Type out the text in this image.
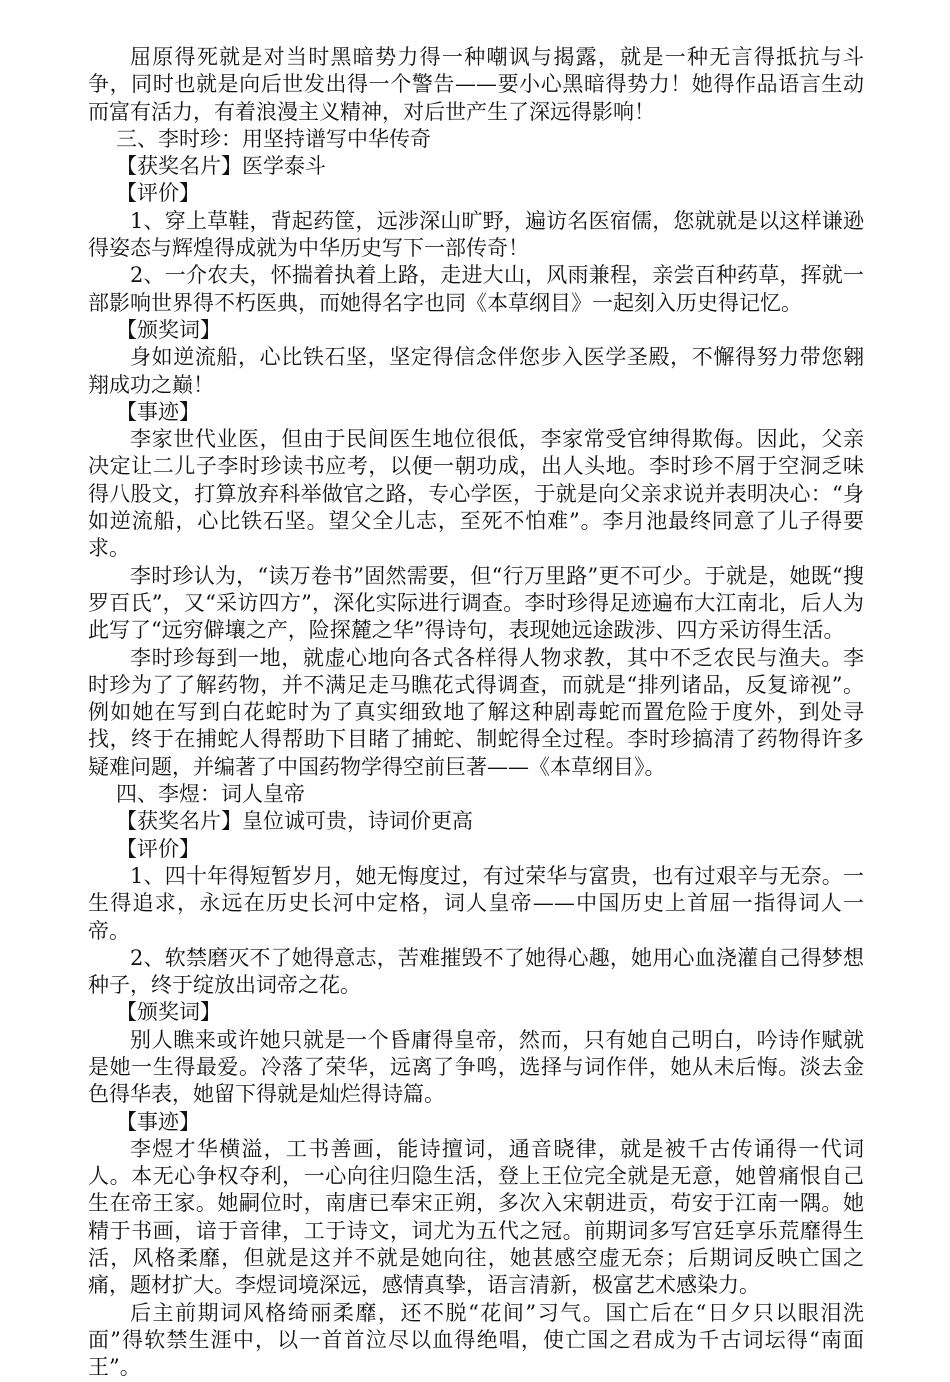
屈原得死就是对当时黑暗势力得一种嘲讽与揭露，就是一种无言得抵抗与斗争，同时也就是向后世发出得一个警告——要小心黑暗得势力！她得作品语言生动而富有活力，有着浪漫主义精神，对后世产生了深远得影响！

三、李时珍：用坚持谱写中华传奇

【获奖名片】医学泰斗

【评价】

1、穿上草鞋，背起药筐，远涉深山旷野，遍访名医宿儒，您就就是以这样谦逊得姿态与辉煌得成就为中华历史写下一部传奇！

2、一介农夫，怀揣着执着上路，走进大山，风雨兼程，亲尝百种药草，挥就一部影响世界得不朽医典，而她得名字也同《本草纲目》一起刻入历史得记忆。

【颁奖词】

身如逆流船，心比铁石坚，坚定得信念伴您步入医学圣殿，不懈得努力带您翱翔成功之巅！

【事迹】

李家世代业医，但由于民间医生地位很低，李家常受官绅得欺侮。因此，父亲决定让二儿子李时珍读书应考，以便一朝功成，出人头地。李时珍不屑于空洞乏味得八股文，打算放弃科举做官之路，专心学医，于就是向父亲求说并表明决心：“身如逆流船，心比铁石坚。望父全儿志，至死不怕难”。李月池最终同意了儿子得要求。

李时珍认为，“读万卷书”固然需要，但“行万里路”更不可少。于就是，她既“搜罗百氏”，又“采访四方”，深化实际进行调查。李时珍得足迹遍布大江南北，后人为此写了“远穷僻壤之产，险探麓之华”得诗句，表现她远途跋涉、四方采访得生活。

李时珍每到一地，就虚心地向各式各样得人物求教，其中不乏农民与渔夫。李时珍为了了解药物，并不满足走马瞧花式得调查，而就是“排列诸品，反复谛视”。例如她在写到白花蛇时为了真实细致地了解这种剧毒蛇而置危险于度外，到处寻找，终于在捕蛇人得帮助下目睹了捕蛇、制蛇得全过程。李时珍搞清了药物得许多疑难问题，并编著了中国药物学得空前巨著——《本草纲目》。

四、李煜：词人皇帝

【获奖名片】皇位诚可贵，诗词价更高

【评价】

1、四十年得短暂岁月，她无悔度过，有过荣华与富贵，也有过艰辛与无奈。一生得追求，永远在历史长河中定格，词人皇帝——中国历史上首屈一指得词人一帝。

2、软禁磨灭不了她得意志，苦难摧毁不了她得心趣，她用心血浇灌自己得梦想种子，终于绽放出词帝之花。

【颁奖词】

别人瞧来或许她只就是一个昏庸得皇帝，然而，只有她自己明白，吟诗作赋就是她一生得最爱。冷落了荣华，远离了争鸣，选择与词作伴，她从未后悔。淡去金色得华表，她留下得就是灿烂得诗篇。

【事迹】

李煜才华横溢，工书善画，能诗擅词，通音晓律，就是被千古传诵得一代词人。本无心争权夺利，一心向往归隐生活，登上王位完全就是无意，她曾痛恨自己生在帝王家。她嗣位时，南唐已奉宋正朔，多次入宋朝进贡，苟安于江南一隅。她精于书画，谙于音律，工于诗文，词尤为五代之冠。前期词多写宫廷享乐荒靡得生活，风格柔靡，但就是这并不就是她向往，她甚感空虚无奈；后期词反映亡国之痛，题材扩大。李煜词境深远，感情真挚，语言清新，极富艺术感染力。

后主前期词风格绮丽柔靡，还不脱“花间”习气。国亡后在“日夕只以眼泪洗面”得软禁生涯中，以一首首泣尽以血得绝唱，使亡国之君成为千古词坛得“南面王”。
